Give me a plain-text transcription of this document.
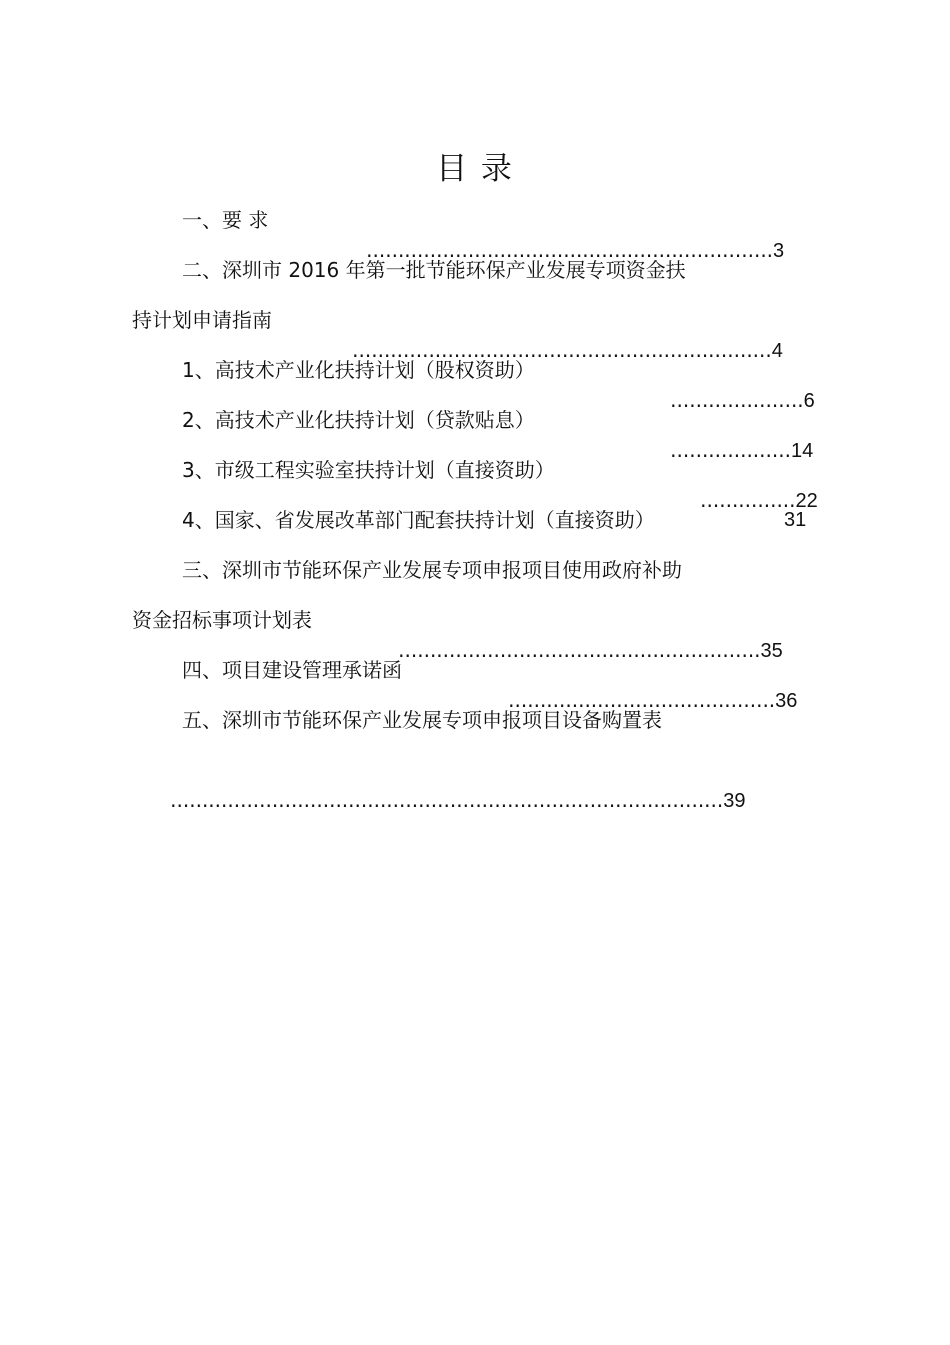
目 录
一、要 求

................................................................3

二、深圳市 2016 年第一批节能环保产业发展专项资金扶
持计划申请指南

..................................................................4

1、高技术产业化扶持计划（股权资助）

.....................6

2、高技术产业化扶持计划（贷款贴息）

...................14

3、市级工程实验室扶持计划（直接资助）

...............22

4、国家、省发展改革部门配套扶持计划（直接资助）	31
三、深圳市节能环保产业发展专项申报项目使用政府补助
资金招标事项计划表

.........................................................35

四、项目建设管理承诺函

..........................................36

五、深圳市节能环保产业发展专项申报项目设备购置表

.......................................................................................39
